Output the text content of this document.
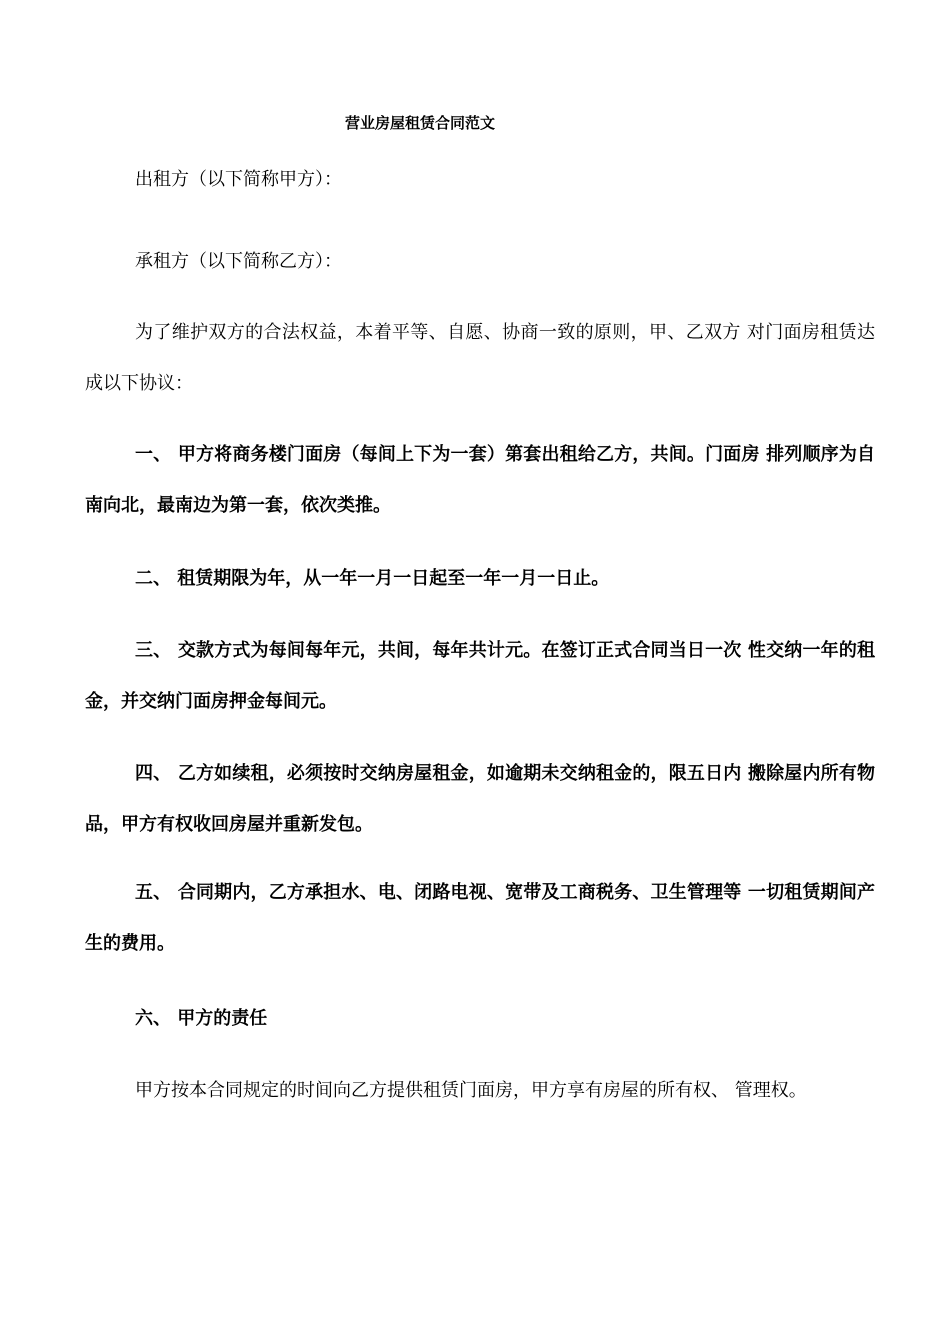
营业房屋租赁合同范文

出租方（以下简称甲方）：

承租方（以下简称乙方）：

为了维护双方的合法权益，本着平等、自愿、协商一致的原则，甲、乙双方 对门面房租赁达成以下协议：

一、 甲方将商务楼门面房（每间上下为一套）第套出租给乙方，共间。门面房 排列顺序为自南向北，最南边为第一套，依次类推。

二、 租赁期限为年，从一年一月一日起至一年一月一日止。

三、 交款方式为每间每年元，共间，每年共计元。在签订正式合同当日一次 性交纳一年的租金，并交纳门面房押金每间元。

四、 乙方如续租，必须按时交纳房屋租金，如逾期未交纳租金的，限五日内 搬除屋内所有物品，甲方有权收回房屋并重新发包。

五、 合同期内，乙方承担水、电、闭路电视、宽带及工商税务、卫生管理等 一切租赁期间产生的费用。

六、 甲方的责任

甲方按本合同规定的时间向乙方提供租赁门面房，甲方享有房屋的所有权、 管理权。
